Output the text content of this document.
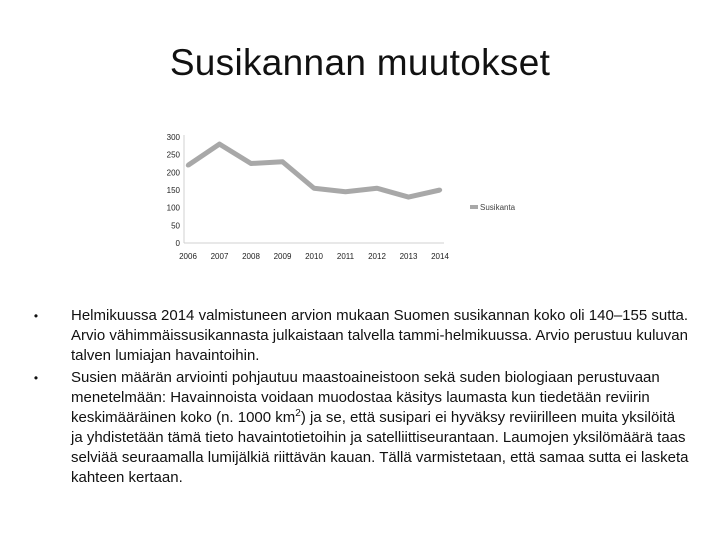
Susikannan muutokset
0
50
100
150
200
250
300
2006 2007 2008 2009 2010 2011 2012 2013 2014
Susikanta
• Helmikuussa 2014 valmistuneen arvion mukaan Suomen susikannan koko oli 140–155 sutta. Arvio vähimmäissusikannasta julkaistaan talvella tammi-helmikuussa. Arvio perustuu kuluvan talven lumiajan havaintoihin.
• Susien määrän arviointi pohjautuu maastoaineistoon sekä suden biologiaan perustuvaan menetelmään: Havainnoista voidaan muodostaa käsitys laumasta kun tiedetään reviirin keskimääräinen koko (n. 1000 $km^2$) ja se, että susipari ei hyväksy reviirilleen muita yksilöitä ja yhdistetään tämä tieto havaintotietoihin ja satelliittiseurantaan. Laumojen yksilömäärä taas selviää seuraamalla lumijälkiä riittävän kauan. Tällä varmistetaan, että samaa sutta ei lasketa kahteen kertaan.
